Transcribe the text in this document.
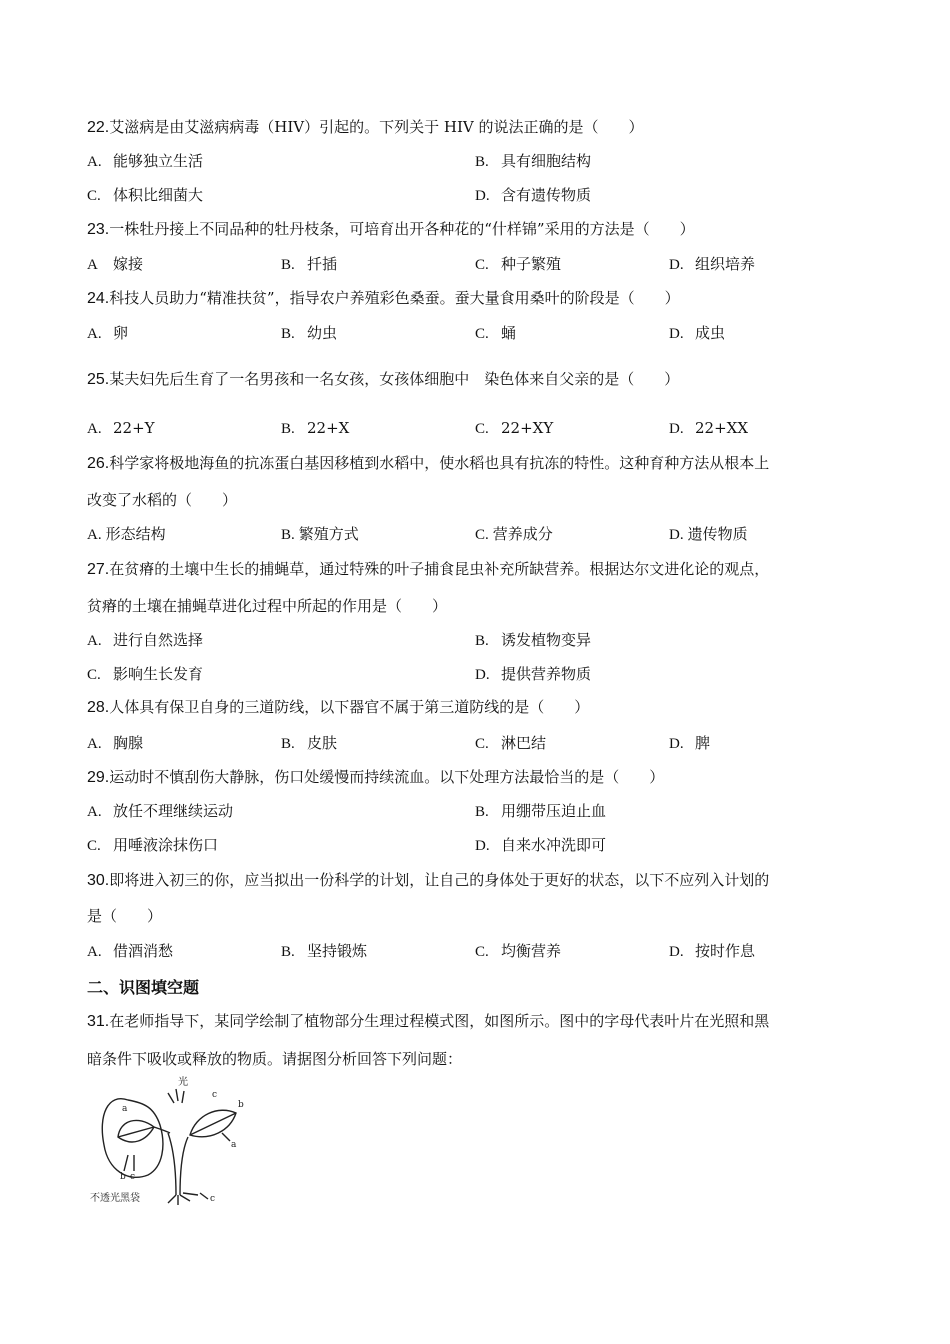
22.艾滋病是由艾滋病病毒（HIV）引起的。下列关于 HIV 的说法正确的是（　　）
A. 能够独立生活	B. 具有细胞结构
C. 体积比细菌大	D. 含有遗传物质
23.一株牡丹接上不同品种的牡丹枝条，可培育出开各种花的“什样锦”采用的方法是（　　）
A 嫁接	B. 扦插	C. 种子繁殖	D. 组织培养
24.科技人员助力“精准扶贫”，指导农户养殖彩色桑蚕。蚕大量食用桑叶的阶段是（　　）
A. 卵	B. 幼虫	C. 蛹	D. 成虫
25.某夫妇先后生育了一名男孩和一名女孩，女孩体细胞中　染色体来自父亲的是（　　）
A. 22+Y	B. 22+X	C. 22+XY	D. 22+XX
26.科学家将极地海鱼的抗冻蛋白基因移植到水稻中，使水稻也具有抗冻的特性。这种育种方法从根本上
改变了水稻的（　　）
A. 形态结构	B. 繁殖方式	C. 营养成分	D. 遗传物质
27.在贫瘠的土壤中生长的捕蝇草，通过特殊的叶子捕食昆虫补充所缺营养。根据达尔文进化论的观点，
贫瘠的土壤在捕蝇草进化过程中所起的作用是（　　）
A. 进行自然选择	B. 诱发植物变异
C. 影响生长发育	D. 提供营养物质
28.人体具有保卫自身的三道防线，以下器官不属于第三道防线的是（　　）
A. 胸腺	B. 皮肤	C. 淋巴结	D. 脾
29.运动时不慎刮伤大静脉，伤口处缓慢而持续流血。以下处理方法最恰当的是（　　）
A. 放任不理继续运动	B. 用绷带压迫止血
C. 用唾液涂抹伤口	D. 自来水冲洗即可
30.即将进入初三的你，应当拟出一份科学的计划，让自己的身体处于更好的状态，以下不应列入计划的
是（　　）
A. 借酒消愁	B. 坚持锻炼	C. 均衡营养	D. 按时作息
二、识图填空题
31.在老师指导下，某同学绘制了植物部分生理过程模式图，如图所示。图中的字母代表叶片在光照和黑
暗条件下吸收或释放的物质。请据图分析回答下列问题：
a	b
c
a
b c
c
光
不透光黑袋
